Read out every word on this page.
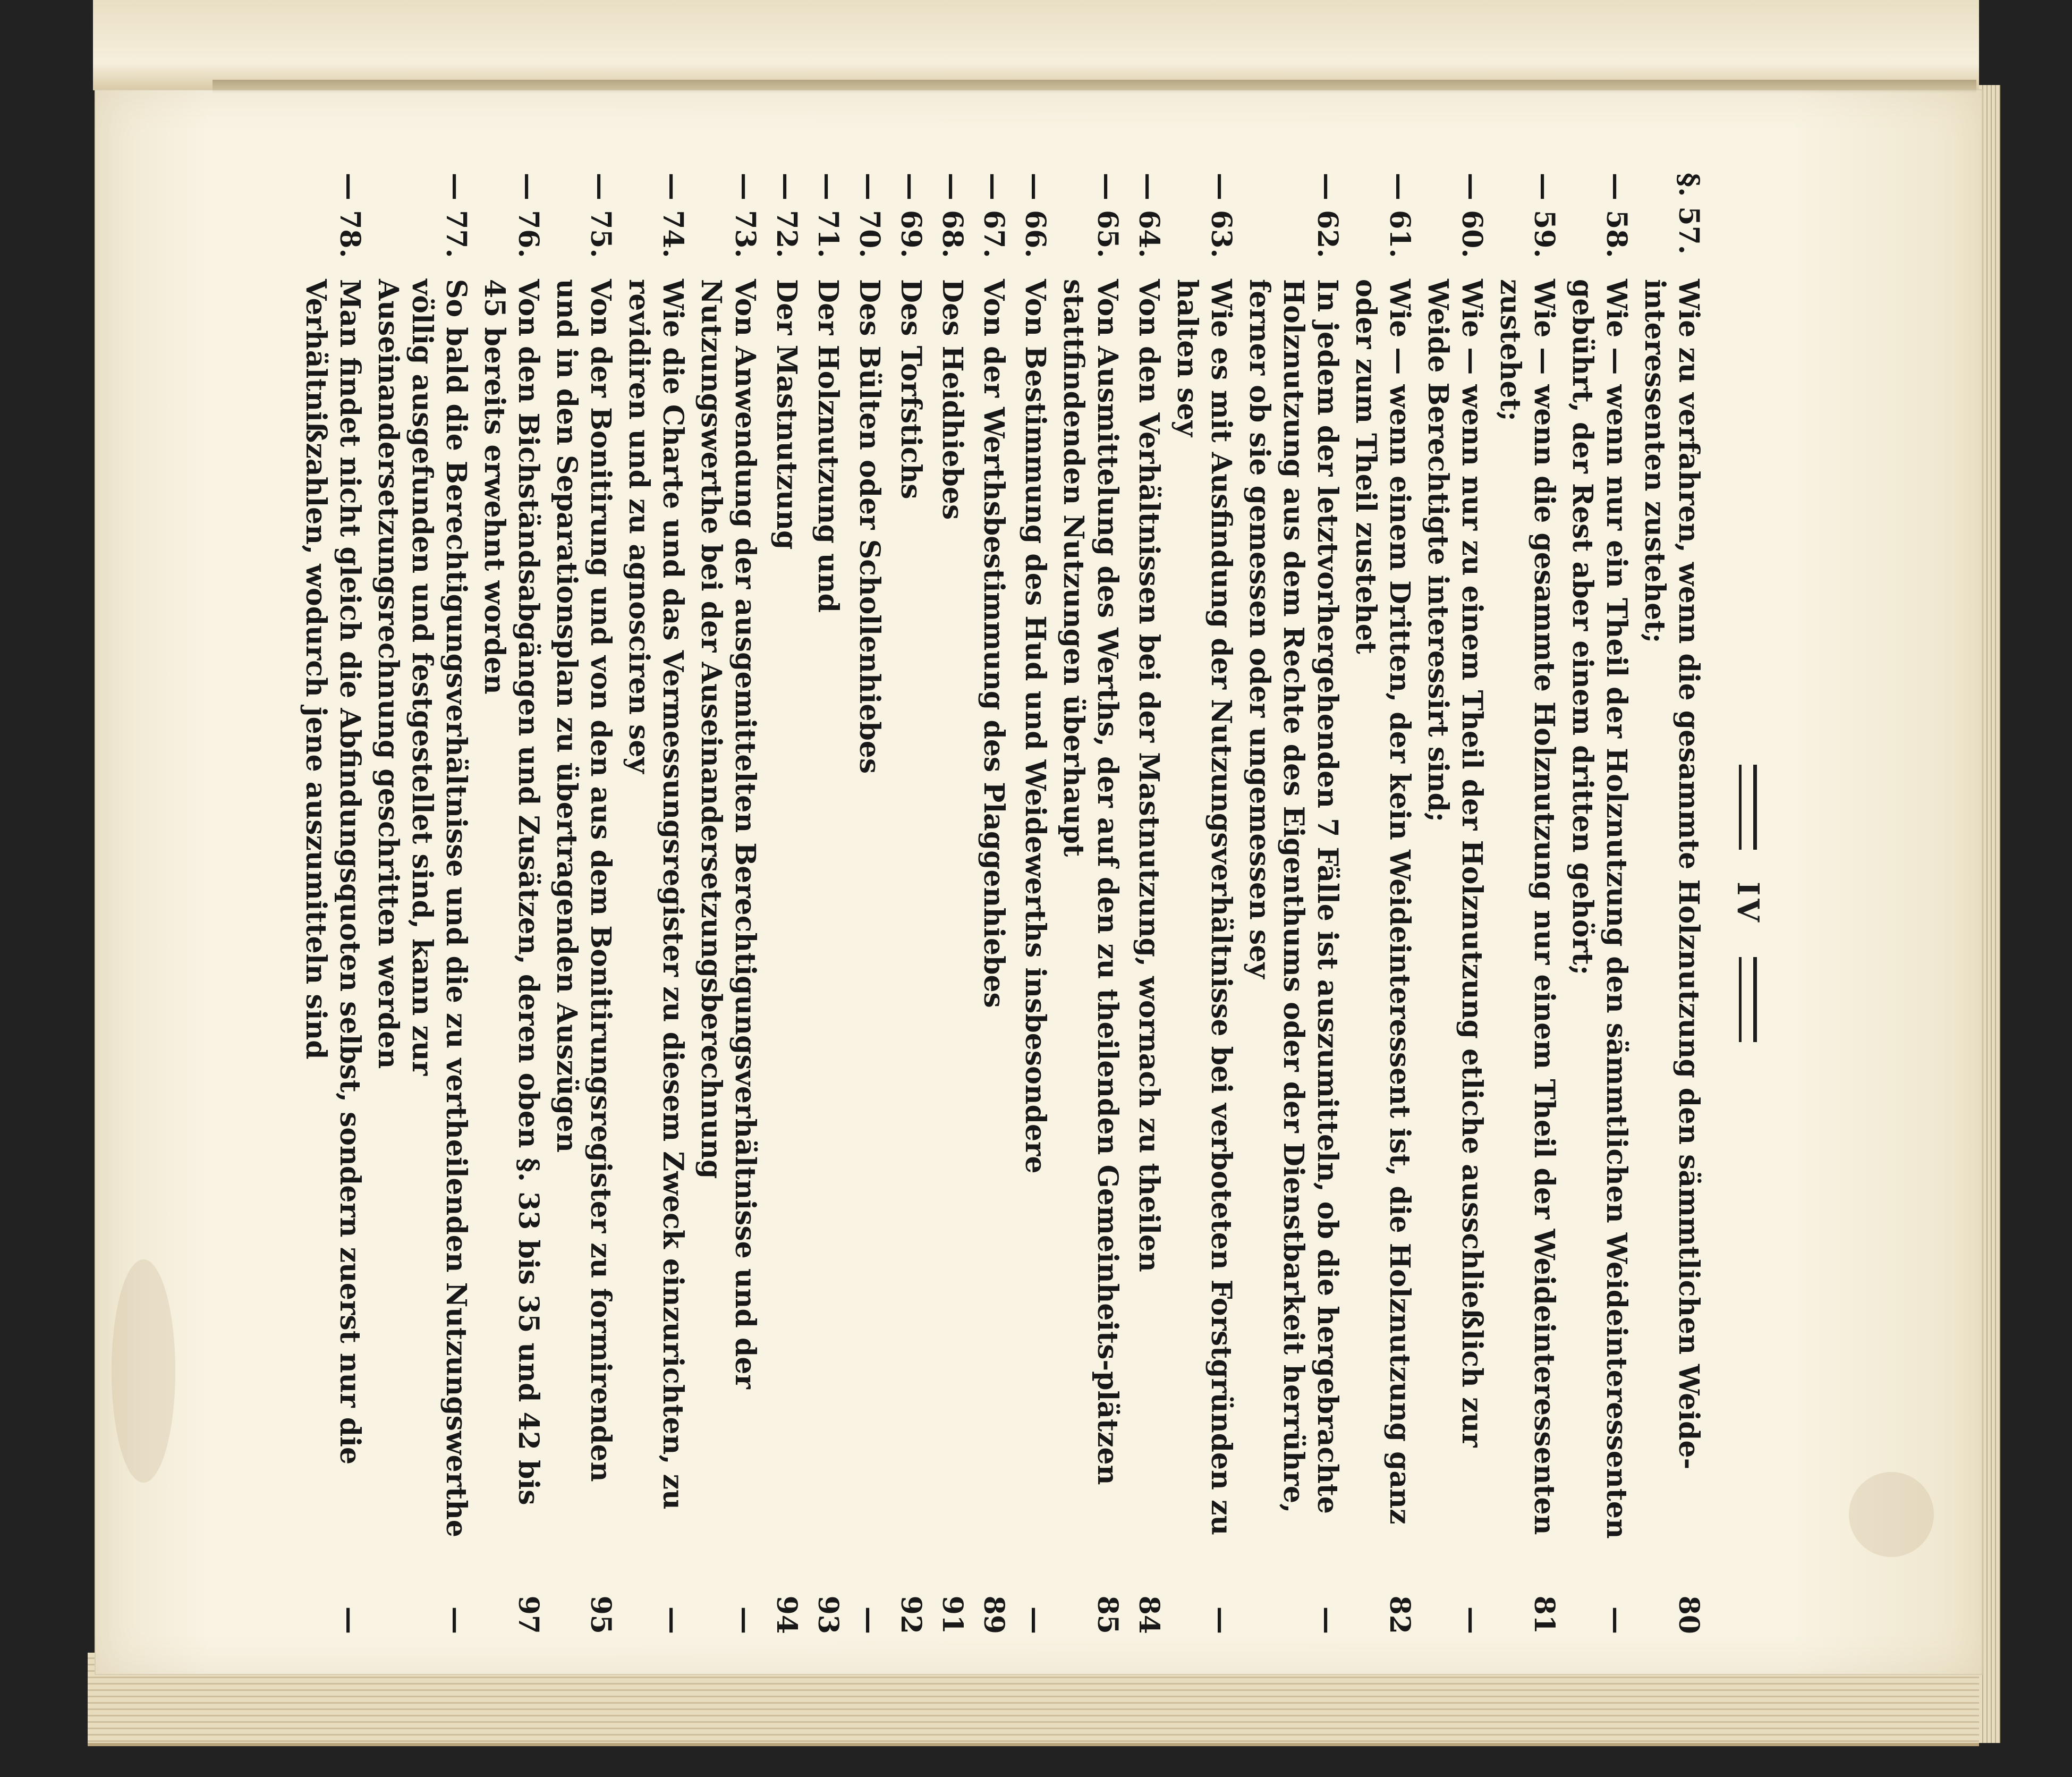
IV
§. 57.
Wie zu verfahren, wenn die gesammte Holznutzung den sämmtlichen Weide-interessenten zustehet;
80
— 58.
Wie — wenn nur ein Theil der Holznutzung den sämmtlichen Weideinteressenten gebührt, der Rest aber einem dritten gehört;
—
— 59.
Wie — wenn die gesammte Holznutzung nur einem Theil der Weideinteressenten zustehet;
81
— 60.
Wie — wenn nur zu einem Theil der Holznutzung etliche ausschließlich zur Weide Berechtigte interessirt sind;
—
— 61.
Wie — wenn einem Dritten, der kein Weideinteressent ist, die Holznutzung ganz oder zum Theil zustehet
82
— 62.
In jedem der letztvorhergehenden 7 Fälle ist auszumitteln, ob die hergebrachte Holznutzung aus dem Rechte des Eigenthums oder der Dienstbarkeit herrühre, ferner ob sie gemessen oder ungemessen sey
—
— 63.
Wie es mit Ausfindung der Nutzungsverhältnisse bei verboteten Forstgründen zu halten sey
—
— 64.
Von den Verhältnissen bei der Mastnutzung, wornach zu theilen
84
— 65.
Von Ausmittelung des Werths, der auf den zu theilenden Gemeinheits-plätzen stattfindenden Nutzungen überhaupt
85
— 66.
Von Bestimmung des Hud und Weidewerths insbesondere
—
— 67.
Von der Werthsbestimmung des Plaggenhiebes
89
— 68.
Des Heidhiebes
91
— 69.
Des Torfstichs
92
— 70.
Des Bülten oder Schollenhiebes
—
— 71.
Der Holznutzung und
93
— 72.
Der Mastnutzung
94
— 73.
Von Anwendung der ausgemittelten Berechtigungsverhältnisse und der Nutzungswerthe bei der Auseinandersetzungsberechnung
—
— 74.
Wie die Charte und das Vermessungsregister zu diesem Zweck einzurichten, zu revidiren und zu agnosciren sey
—
— 75.
Von der Bonitirung und von den aus dem Bonitirungsregister zu formirenden und in den Separationsplan zu übertragenden Auszügen
95
— 76.
Von den Bichständsabgängen und Zusätzen, deren oben §. 33 bis 35 und 42 bis 45 bereits erwehnt worden
97
— 77.
So bald die Berechtigungsverhältnisse und die zu vertheilenden Nutzungswerthe völlig ausgefunden und festgestellet sind, kann zur Auseinandersetzungsrechnung geschritten werden
—
— 78.
Man findet nicht gleich die Abfindungsquoten selbst, sondern zuerst nur die Verhältnißzahlen, wodurch jene auszumitteln sind
—
